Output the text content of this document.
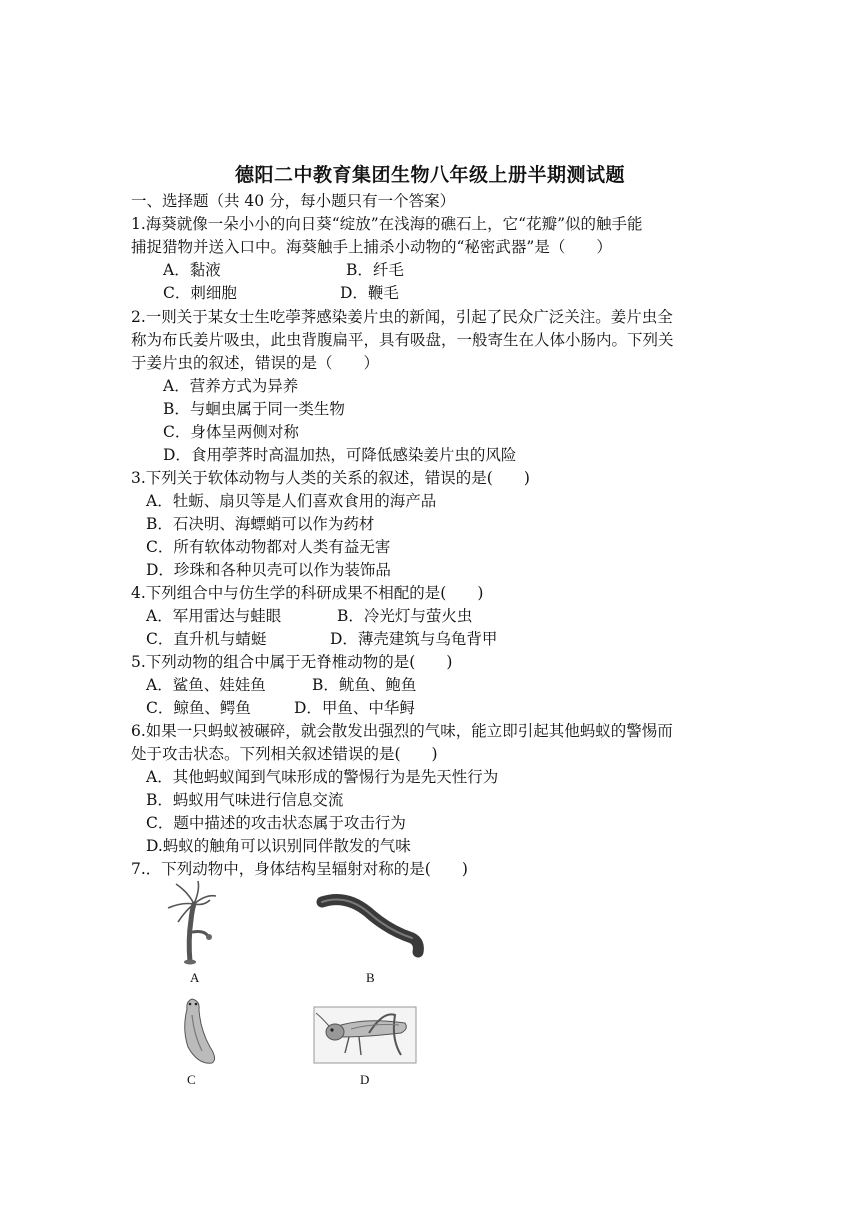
德阳二中教育集团生物八年级上册半期测试题
一、选择题（共 40 分，每小题只有一个答案）
1.海葵就像一朵小小的向日葵“绽放”在浅海的礁石上，它“花瓣”似的触手能
捕捉猎物并送入口中。海葵触手上捕杀小动物的“秘密武器”是（　　）
A．黏液	B．纤毛
C．刺细胞	D．鞭毛
2.一则关于某女士生吃荸荠感染姜片虫的新闻，引起了民众广泛关注。姜片虫全
称为布氏姜片吸虫，此虫背腹扁平，具有吸盘，一般寄生在人体小肠内。下列关
于姜片虫的叙述，错误的是（　　）
A．营养方式为异养
B．与蛔虫属于同一类生物
C．身体呈两侧对称
D．食用荸荠时高温加热，可降低感染姜片虫的风险
3.下列关于软体动物与人类的关系的叙述，错误的是(　　)
A．牡蛎、扇贝等是人们喜欢食用的海产品
B．石决明、海螵蛸可以作为药材
C．所有软体动物都对人类有益无害
D．珍珠和各种贝壳可以作为装饰品
4.下列组合中与仿生学的科研成果不相配的是(　　)
A．军用雷达与蛙眼	B．冷光灯与萤火虫
C．直升机与蜻蜓	D．薄壳建筑与乌龟背甲
5.下列动物的组合中属于无脊椎动物的是(　　)
A．鲨鱼、娃娃鱼	B．鱿鱼、鲍鱼
C．鲸鱼、鳄鱼	D．甲鱼、中华鲟
6.如果一只蚂蚁被碾碎，就会散发出强烈的气味，能立即引起其他蚂蚁的警惕而
处于攻击状态。下列相关叙述错误的是(　　)
A．其他蚂蚁闻到气味形成的警惕行为是先天性行为
B．蚂蚁用气味进行信息交流
C．题中描述的攻击状态属于攻击行为
D.蚂蚁的触角可以识别同伴散发的气味
7.．下列动物中，身体结构呈辐射对称的是(　　)
A	B
C	D
